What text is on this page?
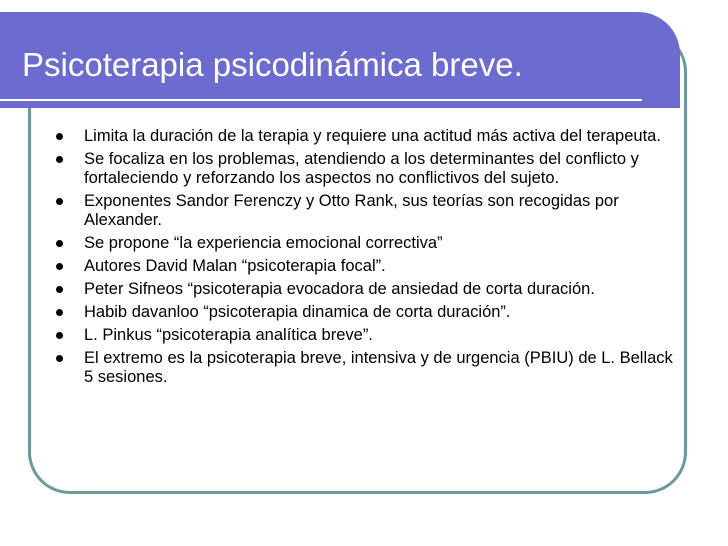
Psicoterapia psicodinámica breve.
Limita la duración de la terapia y requiere una actitud más activa del terapeuta.
Se focaliza en los problemas, atendiendo a los determinantes del conflicto y fortaleciendo y reforzando los aspectos no conflictivos del sujeto.
Exponentes Sandor Ferenczy y Otto Rank, sus teorías son recogidas por Alexander.
Se propone “la experiencia emocional correctiva”
Autores David Malan “psicoterapia focal”.
Peter Sifneos “psicoterapia evocadora de ansiedad de corta duración.
Habib davanloo “psicoterapia dinamica de corta duración”.
L. Pinkus “psicoterapia analítica breve”.
El extremo es la psicoterapia breve, intensiva y de urgencia (PBIU) de L. Bellack 5 sesiones.
